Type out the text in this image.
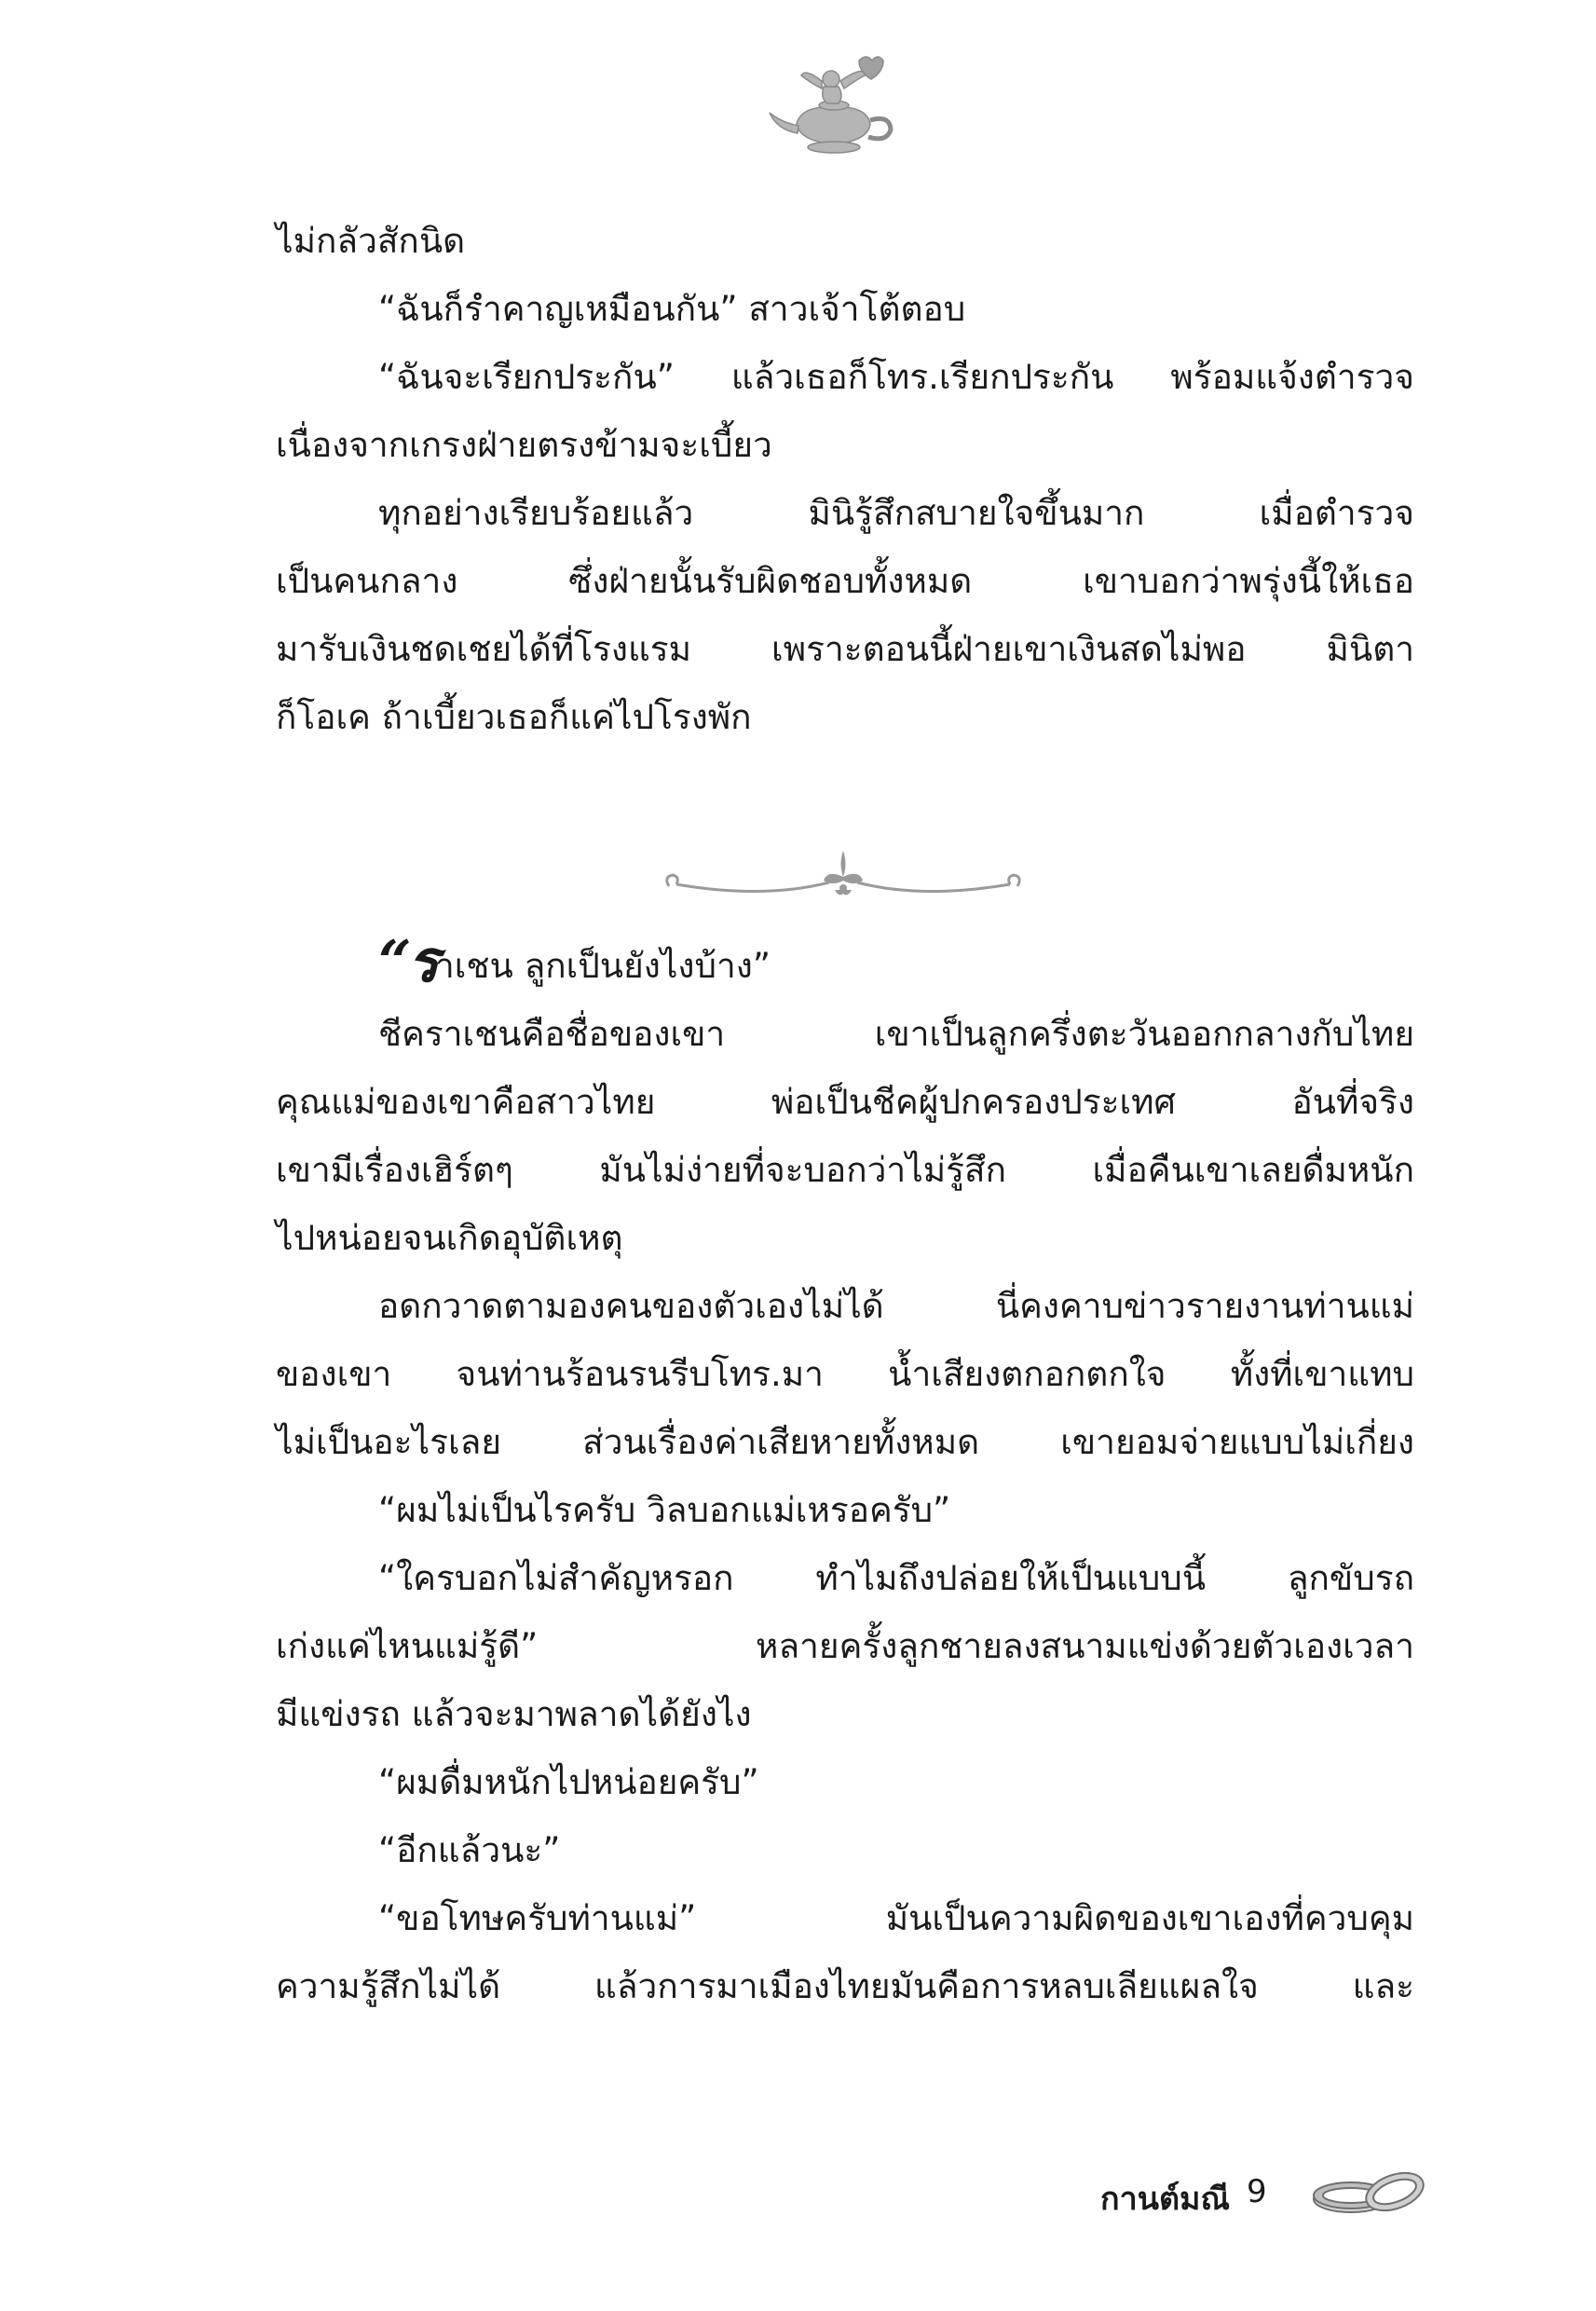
ไม่กลัวสักนิด
“ฉันก็รำคาญเหมือนกัน” สาวเจ้าโต้ตอบ
“ฉันจะเรียกประกัน” แล้วเธอก็โทร.เรียกประกัน พร้อมแจ้งตำรวจ
เนื่องจากเกรงฝ่ายตรงข้ามจะเบี้ยว
ทุกอย่างเรียบร้อยแล้ว มินิรู้สึกสบายใจขึ้นมาก เมื่อตำรวจ
เป็นคนกลาง ซึ่งฝ่ายนั้นรับผิดชอบทั้งหมด เขาบอกว่าพรุ่งนี้ให้เธอ
มารับเงินชดเชยได้ที่โรงแรม เพราะตอนนี้ฝ่ายเขาเงินสดไม่พอ มินิตา
ก็โอเค ถ้าเบี้ยวเธอก็แค่ไปโรงพัก
“ราเชน ลูกเป็นยังไงบ้าง”
ชีคราเชนคือชื่อของเขา เขาเป็นลูกครึ่งตะวันออกกลางกับไทย
คุณแม่ของเขาคือสาวไทย พ่อเป็นชีคผู้ปกครองประเทศ อันที่จริง
เขามีเรื่องเฮิร์ตๆ มันไม่ง่ายที่จะบอกว่าไม่รู้สึก เมื่อคืนเขาเลยดื่มหนัก
ไปหน่อยจนเกิดอุบัติเหตุ
อดกวาดตามองคนของตัวเองไม่ได้ นี่คงคาบข่าวรายงานท่านแม่
ของเขา จนท่านร้อนรนรีบโทร.มา น้ำเสียงตกอกตกใจ ทั้งที่เขาแทบ
ไม่เป็นอะไรเลย ส่วนเรื่องค่าเสียหายทั้งหมด เขายอมจ่ายแบบไม่เกี่ยง
“ผมไม่เป็นไรครับ วิลบอกแม่เหรอครับ”
“ใครบอกไม่สำคัญหรอก ทำไมถึงปล่อยให้เป็นแบบนี้ ลูกขับรถ
เก่งแค่ไหนแม่รู้ดี” หลายครั้งลูกชายลงสนามแข่งด้วยตัวเองเวลา
มีแข่งรถ แล้วจะมาพลาดได้ยังไง
“ผมดื่มหนักไปหน่อยครับ”
“อีกแล้วนะ”
“ขอโทษครับท่านแม่” มันเป็นความผิดของเขาเองที่ควบคุม
ความรู้สึกไม่ได้ แล้วการมาเมืองไทยมันคือการหลบเลียแผลใจ และ
กานต์มณี 9
